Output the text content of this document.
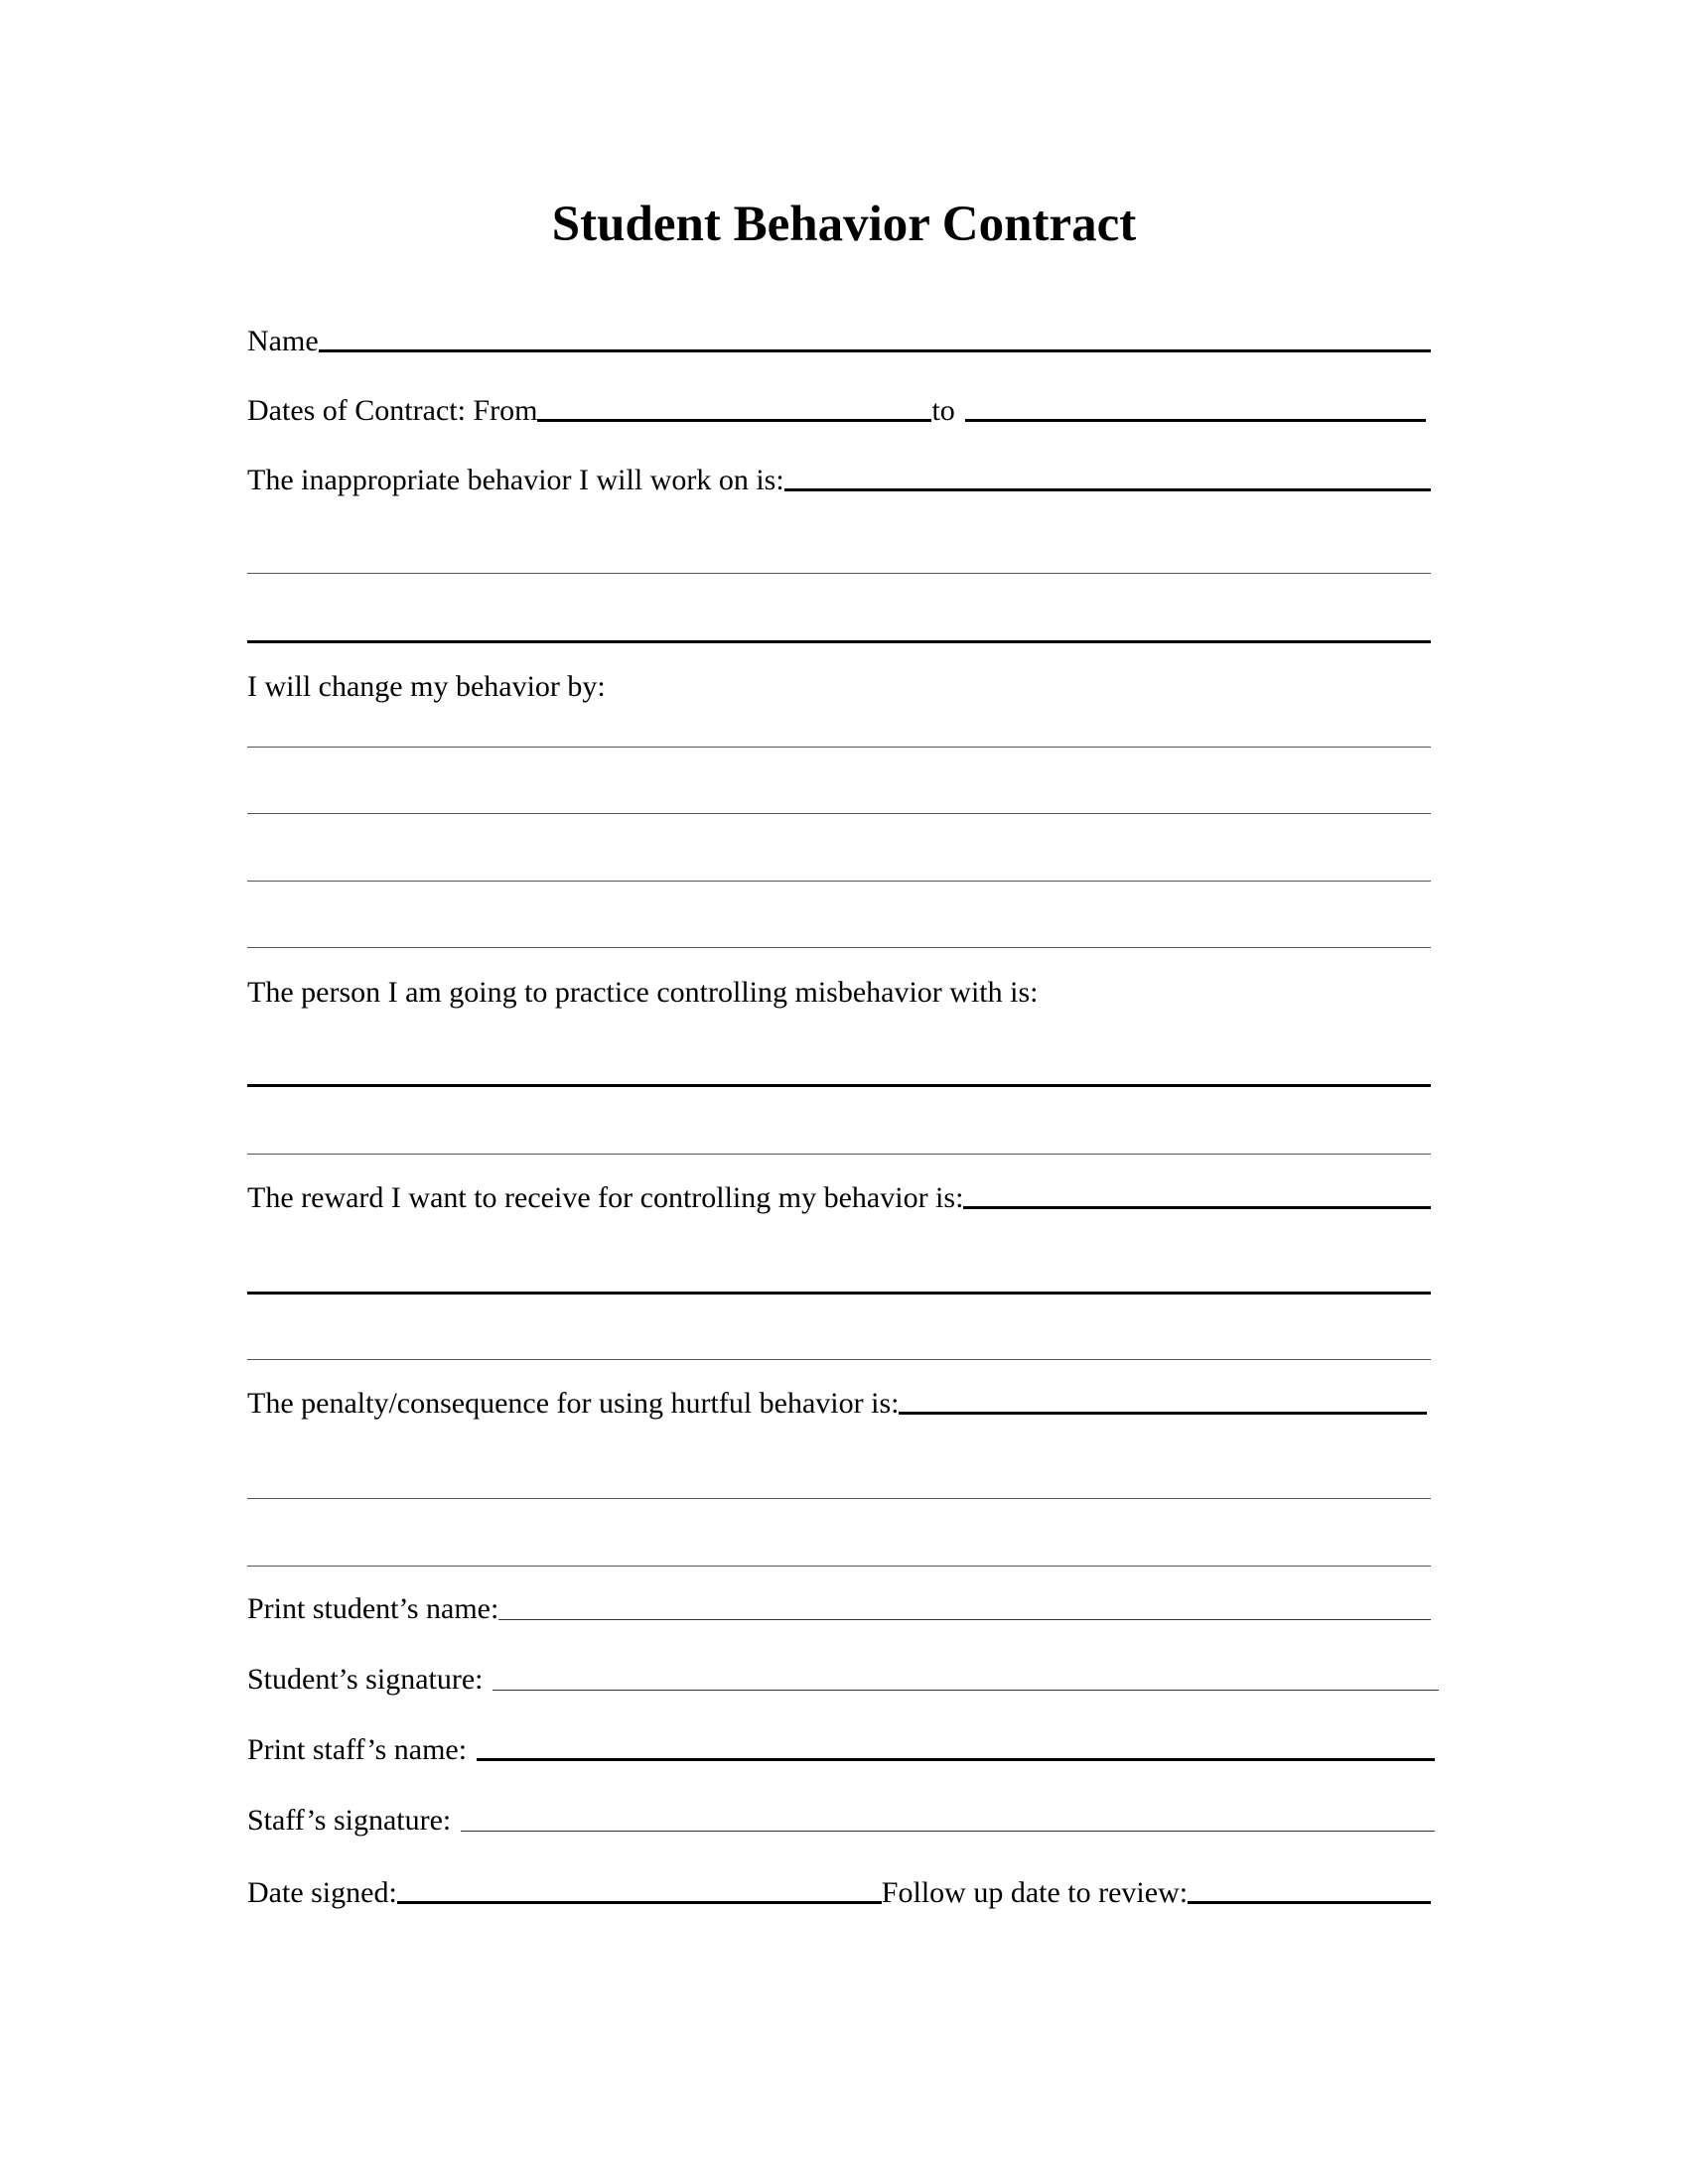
Student Behavior Contract
Name
Dates of Contract: From	to
The inappropriate behavior I will work on is:
I will change my behavior by:
The person I am going to practice controlling misbehavior with is:
The reward I want to receive for controlling my behavior is:
The penalty/consequence for using hurtful behavior is:
Print student’s name:
Student’s signature:
Print staff’s name:
Staff’s signature:
Date signed:	Follow up date to review:
